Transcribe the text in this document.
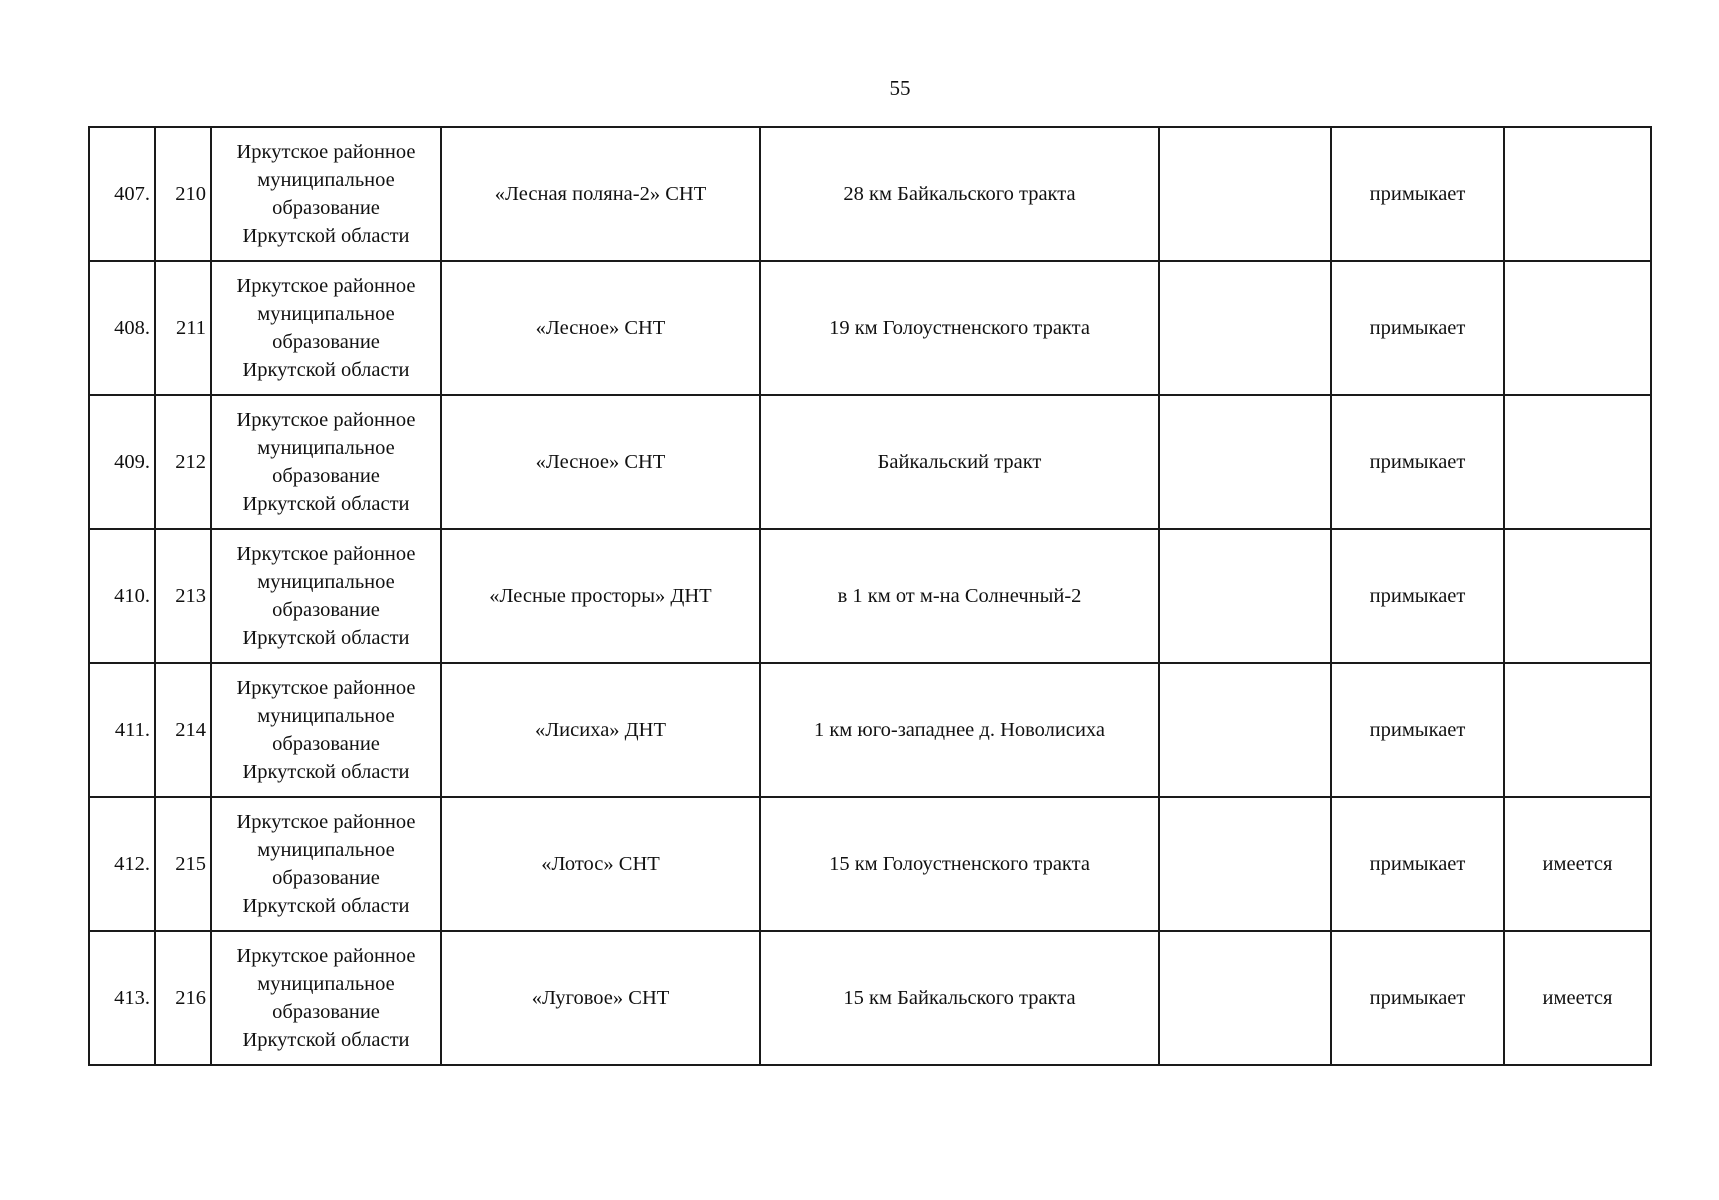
55
407.	210	Иркутское районное
муниципальное
образование
Иркутской области	«Лесная поляна-2» СНТ	28 км Байкальского тракта		примыкает	
408.	211	Иркутское районное
муниципальное
образование
Иркутской области	«Лесное» СНТ	19 км Голоустненского тракта		примыкает	
409.	212	Иркутское районное
муниципальное
образование
Иркутской области	«Лесное» СНТ	Байкальский тракт		примыкает	
410.	213	Иркутское районное
муниципальное
образование
Иркутской области	«Лесные просторы» ДНТ	в 1 км от м-на Солнечный-2		примыкает	
411.	214	Иркутское районное
муниципальное
образование
Иркутской области	«Лисиха» ДНТ	1 км юго-западнее д. Новолисиха		примыкает	
412.	215	Иркутское районное
муниципальное
образование
Иркутской области	«Лотос» СНТ	15 км Голоустненского тракта		примыкает	имеется
413.	216	Иркутское районное
муниципальное
образование
Иркутской области	«Луговое» СНТ	15 км Байкальского тракта		примыкает	имеется
